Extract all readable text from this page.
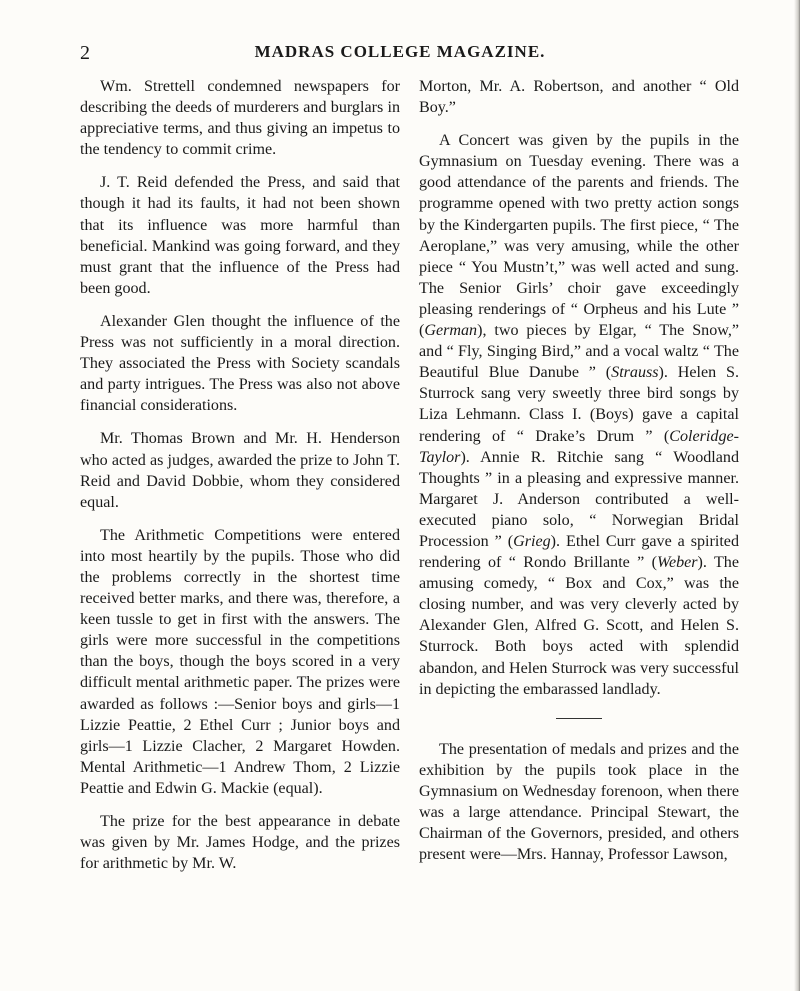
2	MADRAS COLLEGE MAGAZINE.

Wm. Strettell condemned newspapers for describing the deeds of murderers and burglars in appreciative terms, and thus giving an impetus to the tendency to commit crime.

J. T. Reid defended the Press, and said that though it had its faults, it had not been shown that its influence was more harmful than beneficial. Mankind was going forward, and they must grant that the influence of the Press had been good.

Alexander Glen thought the influence of the Press was not sufficiently in a moral direction. They associated the Press with Society scandals and party intrigues. The Press was also not above financial considerations.

Mr. Thomas Brown and Mr. H. Henderson who acted as judges, awarded the prize to John T. Reid and David Dobbie, whom they considered equal.

The Arithmetic Competitions were entered into most heartily by the pupils. Those who did the problems correctly in the shortest time received better marks, and there was, therefore, a keen tussle to get in first with the answers. The girls were more successful in the competitions than the boys, though the boys scored in a very difficult mental arithmetic paper. The prizes were awarded as follows :—Senior boys and girls—1 Lizzie Peattie, 2 Ethel Curr ; Junior boys and girls—1 Lizzie Clacher, 2 Margaret Howden. Mental Arithmetic—1 Andrew Thom, 2 Lizzie Peattie and Edwin G. Mackie (equal).

The prize for the best appearance in debate was given by Mr. James Hodge, and the prizes for arithmetic by Mr. W.

Morton, Mr. A. Robertson, and another “ Old Boy.”

A Concert was given by the pupils in the Gymnasium on Tuesday evening. There was a good attendance of the parents and friends. The programme opened with two pretty action songs by the Kindergarten pupils. The first piece, “ The Aeroplane,” was very amusing, while the other piece “ You Mustn’t,” was well acted and sung. The Senior Girls’ choir gave exceedingly pleasing renderings of “ Orpheus and his Lute ” (German), two pieces by Elgar, “ The Snow,” and “ Fly, Singing Bird,” and a vocal waltz “ The Beautiful Blue Danube ” (Strauss). Helen S. Sturrock sang very sweetly three bird songs by Liza Lehmann. Class I. (Boys) gave a capital rendering of “ Drake’s Drum ” (Coleridge-Taylor). Annie R. Ritchie sang “ Woodland Thoughts ” in a pleasing and expressive manner. Margaret J. Anderson contributed a well-executed piano solo, “ Norwegian Bridal Procession ” (Grieg). Ethel Curr gave a spirited rendering of “ Rondo Brillante ” (Weber). The amusing comedy, “ Box and Cox,” was the closing number, and was very cleverly acted by Alexander Glen, Alfred G. Scott, and Helen S. Sturrock. Both boys acted with splendid abandon, and Helen Sturrock was very successful in depicting the embarassed landlady.

The presentation of medals and prizes and the exhibition by the pupils took place in the Gymnasium on Wednesday forenoon, when there was a large attendance. Principal Stewart, the Chairman of the Governors, presided, and others present were—Mrs. Hannay, Professor Lawson,
